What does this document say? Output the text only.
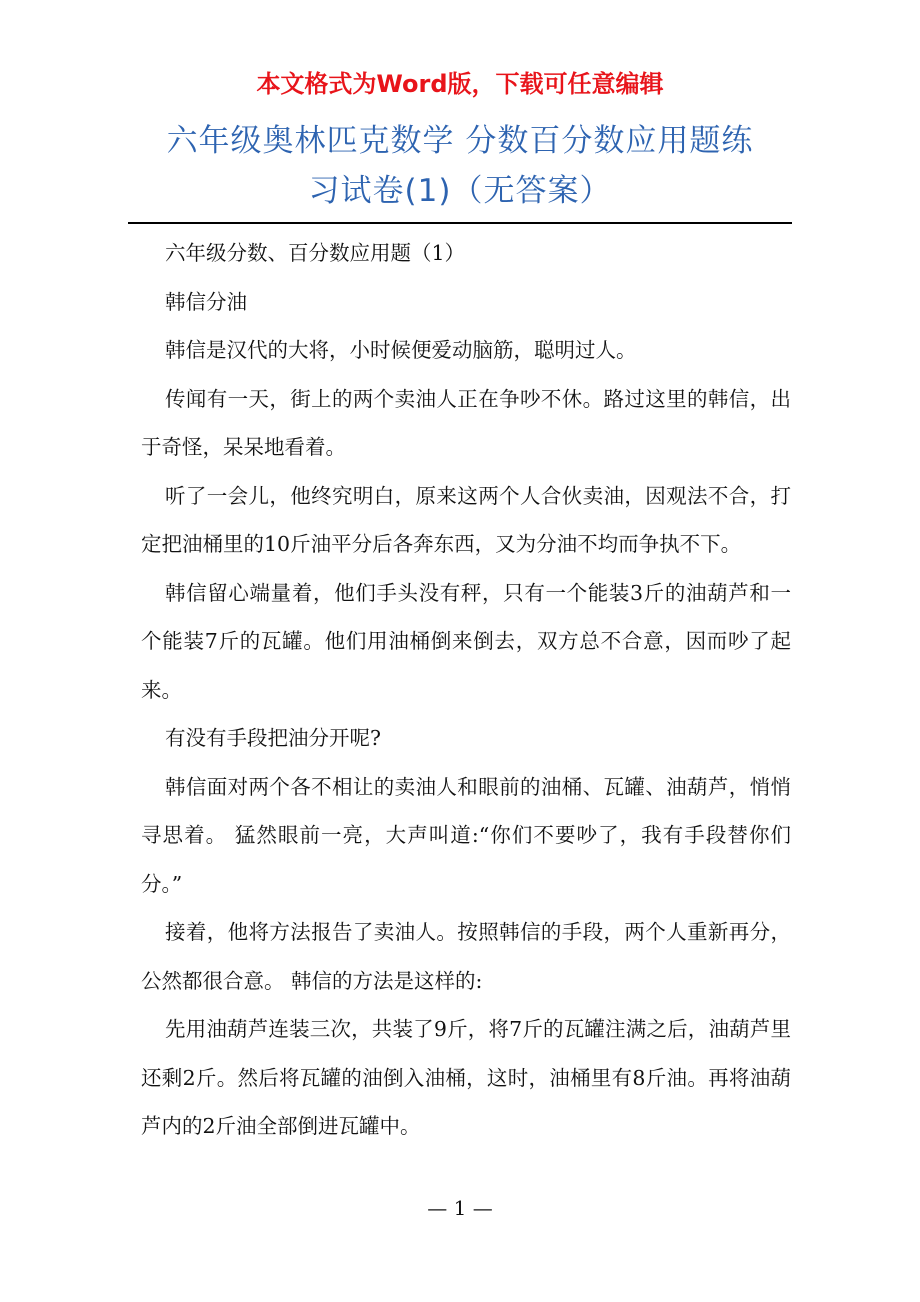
本文格式为Word版，下载可任意编辑
六年级奥林匹克数学 分数百分数应用题练
习试卷(1)（无答案）

六年级分数、百分数应用题（1）

韩信分油

韩信是汉代的大将，小时候便爱动脑筋，聪明过人。

传闻有一天，街上的两个卖油人正在争吵不休。路过这里的韩信，出于奇怪，呆呆地看着。

听了一会儿，他终究明白，原来这两个人合伙卖油，因观法不合，打定把油桶里的10斤油平分后各奔东西，又为分油不均而争执不下。

韩信留心端量着，他们手头没有秤，只有一个能装3斤的油葫芦和一个能装7斤的瓦罐。他们用油桶倒来倒去，双方总不合意，因而吵了起来。

有没有手段把油分开呢?

韩信面对两个各不相让的卖油人和眼前的油桶、瓦罐、油葫芦，悄悄寻思着。 猛然眼前一亮，大声叫道:“你们不要吵了，我有手段替你们分。”

接着，他将方法报告了卖油人。按照韩信的手段，两个人重新再分，公然都很合意。 韩信的方法是这样的:

先用油葫芦连装三次，共装了9斤，将7斤的瓦罐注满之后，油葫芦里还剩2斤。然后将瓦罐的油倒入油桶，这时，油桶里有8斤油。再将油葫芦内的2斤油全部倒进瓦罐中。

— 1 —
